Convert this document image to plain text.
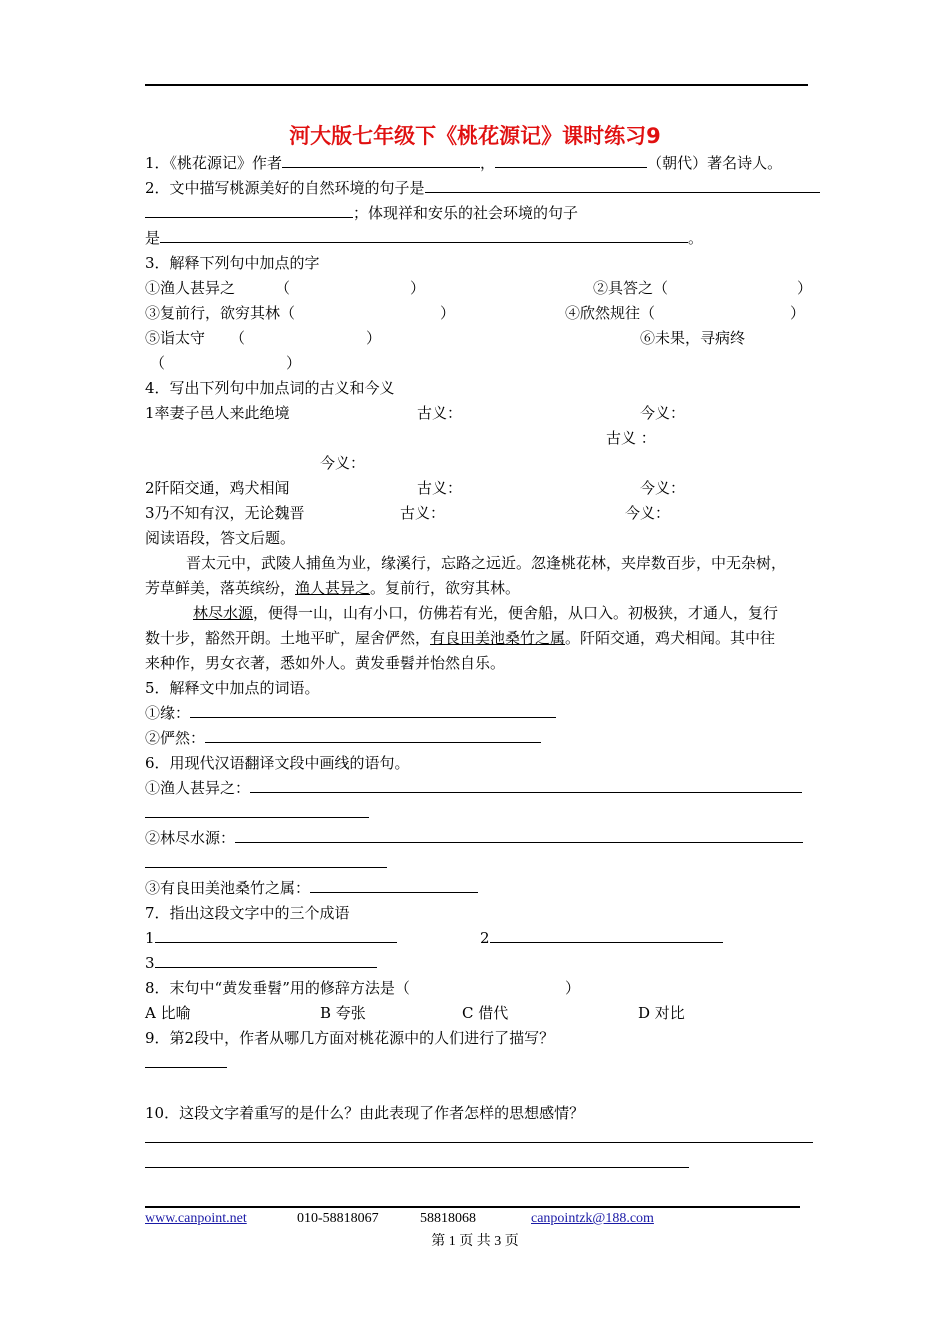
河大版七年级下《桃花源记》课时练习9
1．《桃花源记》作者	，	（朝代）著名诗人。
2．文中描写桃源美好的自然环境的句子是
；体现祥和安乐的社会环境的句子
是	。
3．解释下列句中加点的字
①渔人甚异之	（	）	②具答之（	）
③复前行，欲穷其林（	）	④欣然规往（	）
⑤诣太守 （	）	⑥未果，寻病终
（	）
4．写出下列句中加点词的古义和今义
1率妻子邑人来此绝境	古义：	今义：
古义 ：
今义：
2阡陌交通，鸡犬相闻	古义：	今义：
3乃不知有汉，无论魏晋	古义：	今义：
阅读语段，答文后题。
晋太元中，武陵人捕鱼为业，缘溪行，忘路之远近。忽逢桃花林，夹岸数百步，中无杂树，
芳草鲜美，落英缤纷，渔人甚异之。复前行，欲穷其林。
林尽水源，便得一山，山有小口，仿佛若有光，便舍船，从口入。初极狭，才通人，复行
数十步，豁然开朗。土地平旷，屋舍俨然，有良田美池桑竹之属。阡陌交通，鸡犬相闻。其中往
来种作，男女衣著，悉如外人。黄发垂髫并怡然自乐。
5．解释文中加点的词语。
①缘：
②俨然：
6．用现代汉语翻译文段中画线的语句。
①渔人甚异之：
②林尽水源：
③有良田美池桑竹之属：
7．指出这段文字中的三个成语
1	2
3
8．末句中“黄发垂髫”用的修辞方法是（	）
A 比喻	B 夸张	C 借代	D 对比
9．第2段中，作者从哪几方面对桃花源中的人们进行了描写？
10．这段文字着重写的是什么？由此表现了作者怎样的思想感情？
www.canpoint.net	010-58818067	58818068	canpointzk@188.com
第 1 页 共 3 页
